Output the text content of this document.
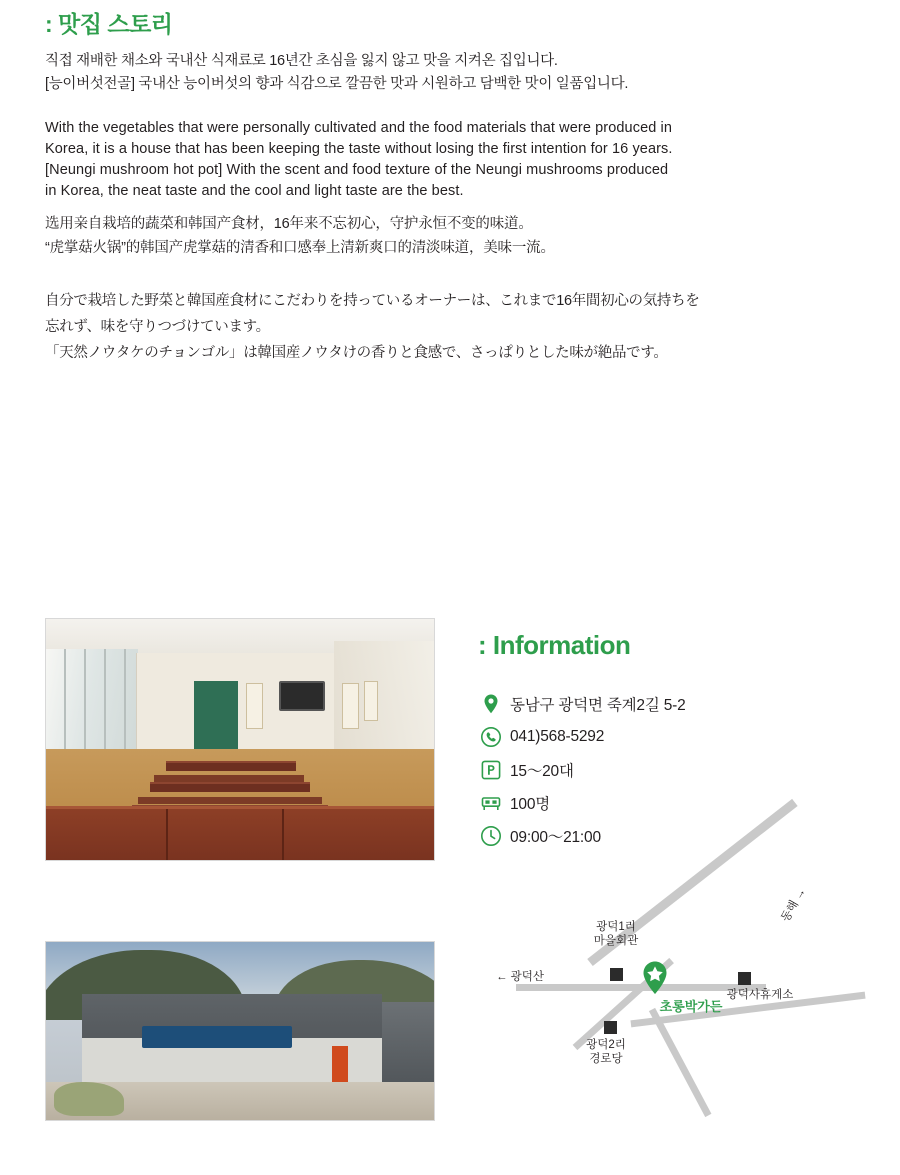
: 맛집 스토리
직접 재배한 채소와 국내산 식재료로 16년간 초심을 잃지 않고 맛을 지켜온 집입니다.
[능이버섯전골] 국내산 능이버섯의 향과 식감으로 깔끔한 맛과 시원하고 담백한 맛이 일품입니다.
With the vegetables that were personally cultivated and the food materials that were produced in
Korea, it is a house that has been keeping the taste without losing the first intention for 16 years.
[Neungi mushroom hot pot] With the scent and food texture of the Neungi mushrooms produced
in Korea, the neat taste and the cool and light taste are the best.
选用亲自栽培的蔬菜和韩国产食材，16年来不忘初心，守护永恒不变的味道。
“虎掌菇火锅”的韩国产虎掌菇的清香和口感奉上清新爽口的清淡味道，美味一流。
自分で栽培した野菜と韓国産食材にこだわりを持っているオーナーは、これまで16年間初心の気持ちを
忘れず、味を守りつづけています。
「天然ノウタケのチョンゴル」は韓国産ノウタけの香りと食感で、さっぱりとした味が絶品です。
: Information
동남구 광덕면 죽계2길 5-2
041)568-5292
15〜20대
100명
09:00〜21:00
광덕1리
마을회관
← 광덕산
광덕사휴게소
광덕2리
경로당
동해 →
초롱박가든
